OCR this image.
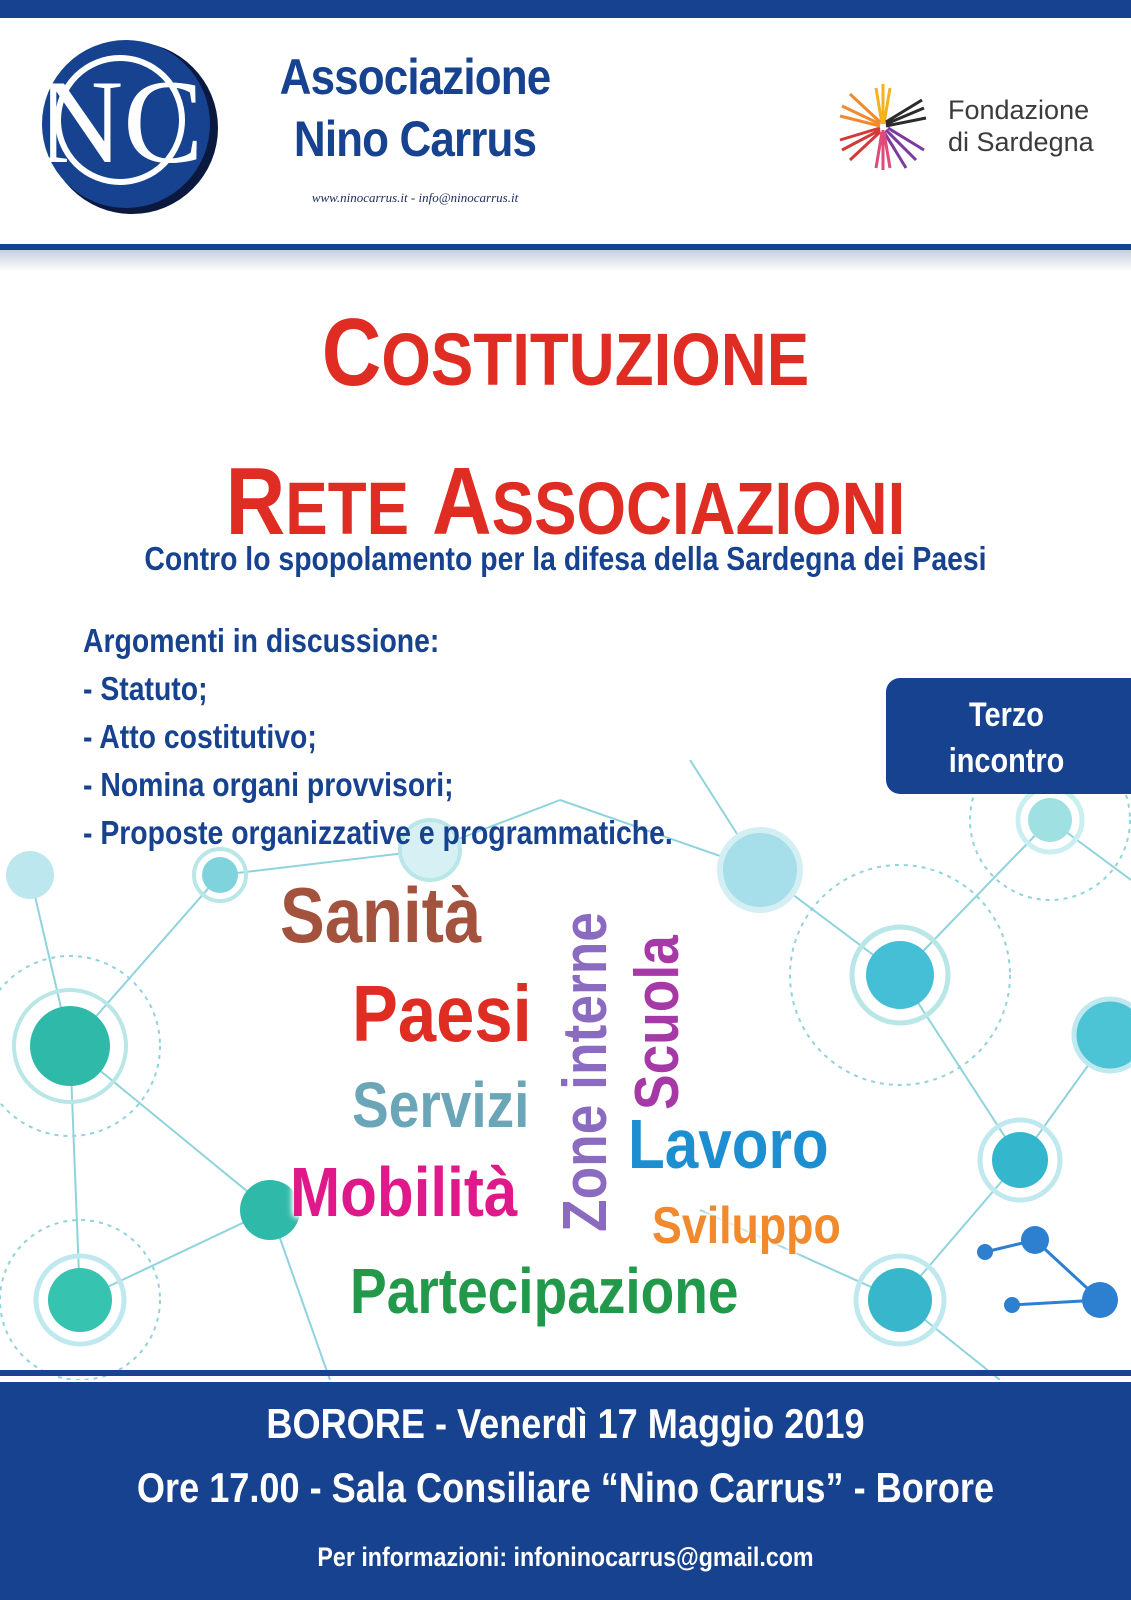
NC	Associazione
Nino Carrus
www.ninocarrus.it - info@ninocarrus.it
Fondazione
di Sardegna
COSTITUZIONE
RETE ASSOCIAZIONI
Contro lo spopolamento per la difesa della Sardegna dei Paesi
Argomenti in discussione:
- Statuto;
- Atto costitutivo;
- Nomina organi provvisori;
- Proposte organizzative e programmatiche.
Terzo
incontro
Sanità
Paesi
Servizi
Mobilità Zone interne Scuola
Lavoro
Sviluppo
Partecipazione
BORORE - Venerdì 17 Maggio 2019
Ore 17.00 - Sala Consiliare “Nino Carrus” - Borore
Per informazioni: infoninocarrus@gmail.com
